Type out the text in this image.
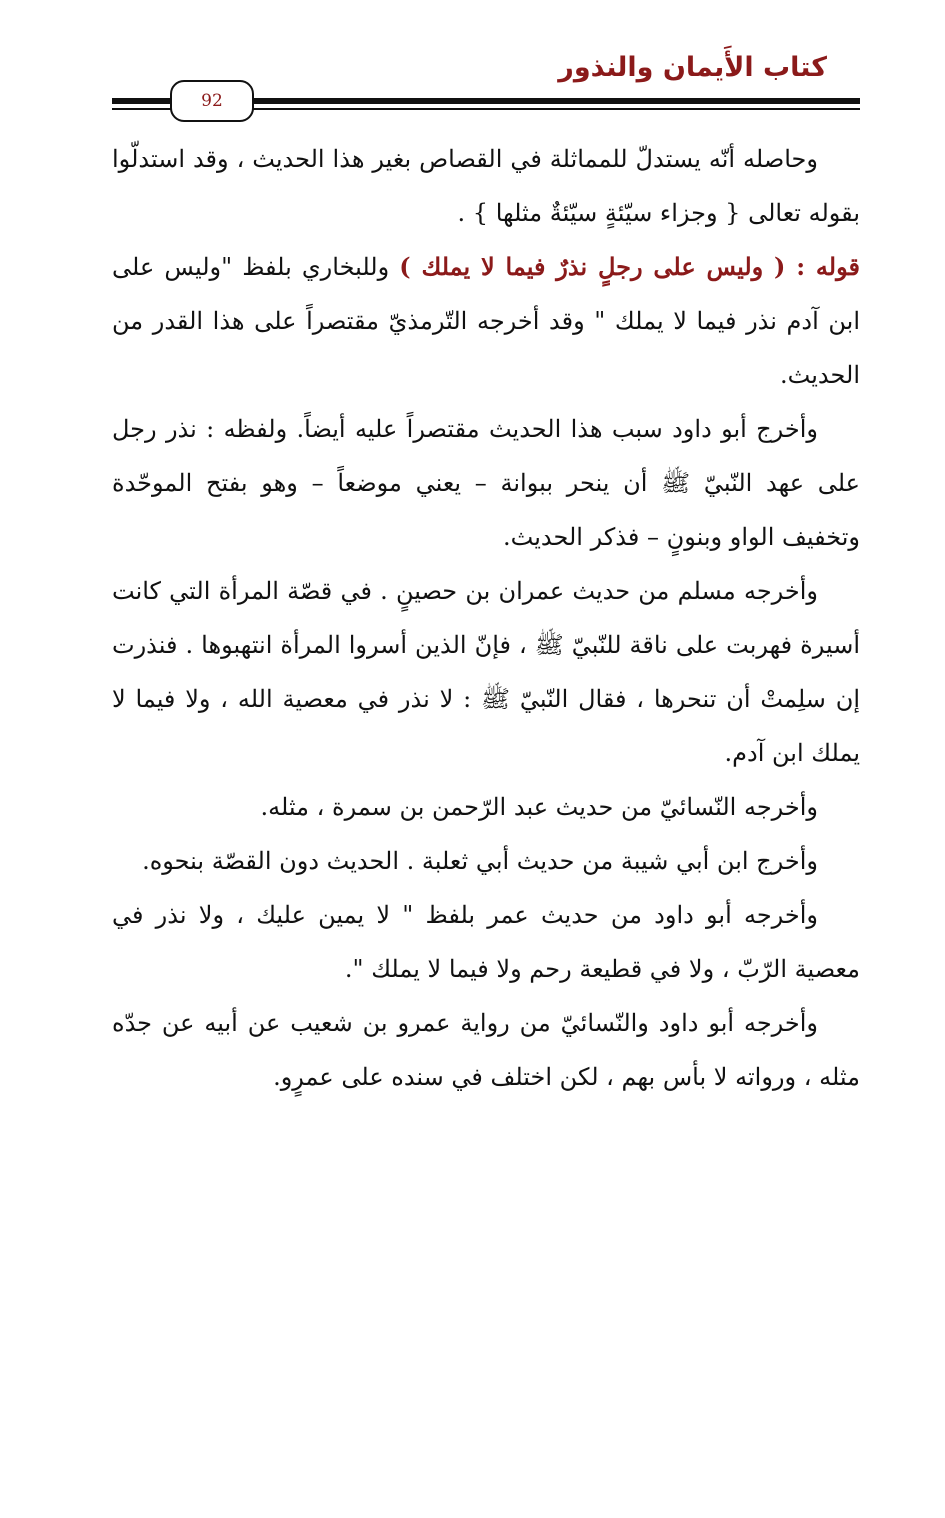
كتاب الأَيمان والنذور
92

وحاصله أنّه يستدلّ للمماثلة في القصاص بغير هذا الحديث ، وقد استدلّوا بقوله تعالى { وجزاء سيّئةٍ سيّئةٌ مثلها } .

قوله : ( وليس على رجلٍ نذرٌ فيما لا يملك ) وللبخاري بلفظ "وليس على ابن آدم نذر فيما لا يملك " وقد أخرجه التّرمذيّ مقتصراً على هذا القدر من الحديث.

وأخرج أبو داود سبب هذا الحديث مقتصراً عليه أيضاً. ولفظه : نذر رجل على عهد النّبيّ ﷺ أن ينحر ببوانة – يعني موضعاً – وهو بفتح الموحّدة وتخفيف الواو وبنونٍ – فذكر الحديث.

وأخرجه مسلم من حديث عمران بن حصينٍ . في قصّة المرأة التي كانت أسيرة فهربت على ناقة للنّبيّ ﷺ ، فإنّ الذين أسروا المرأة انتهبوها . فنذرت إن سلِمتْ أن تنحرها ، فقال النّبيّ ﷺ : لا نذر في معصية الله ، ولا فيما لا يملك ابن آدم.

وأخرجه النّسائيّ من حديث عبد الرّحمن بن سمرة ، مثله.

وأخرج ابن أبي شيبة من حديث أبي ثعلبة . الحديث دون القصّة بنحوه.

وأخرجه أبو داود من حديث عمر بلفظ " لا يمين عليك ، ولا نذر في معصية الرّبّ ، ولا في قطيعة رحم ولا فيما لا يملك ".

وأخرجه أبو داود والنّسائيّ من رواية عمرو بن شعيب عن أبيه عن جدّه مثله ، ورواته لا بأس بهم ، لكن اختلف في سنده على عمرٍو.
